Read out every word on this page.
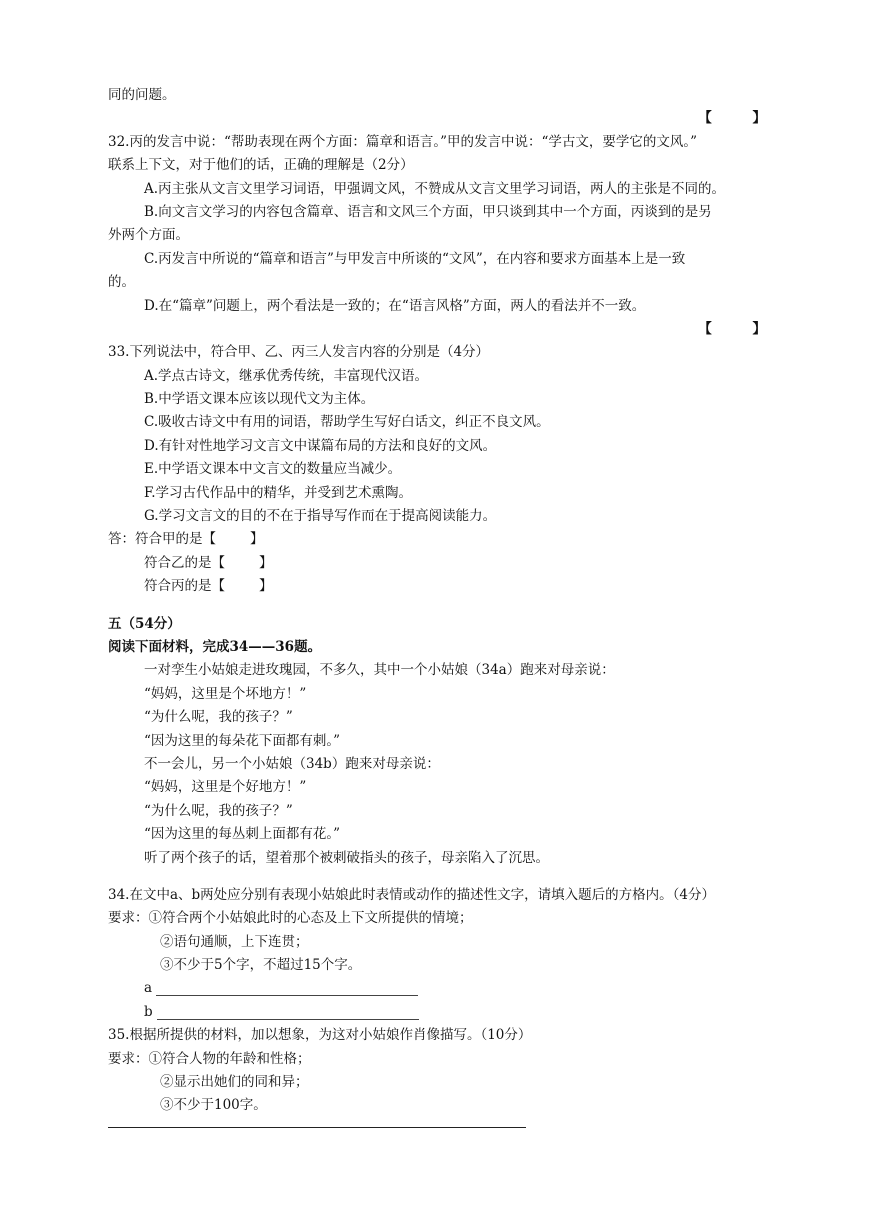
同的问题。
【 】
32.丙的发言中说：“帮助表现在两个方面：篇章和语言。”甲的发言中说：“学古文，要学它的文风。”
联系上下文，对于他们的话，正确的理解是（2分）
A.丙主张从文言文里学习词语，甲强调文风，不赞成从文言文里学习词语，两人的主张是不同的。
B.向文言文学习的内容包含篇章、语言和文风三个方面，甲只谈到其中一个方面，丙谈到的是另
外两个方面。
C.丙发言中所说的“篇章和语言”与甲发言中所谈的“文风”，在内容和要求方面基本上是一致
的。
D.在“篇章”问题上，两个看法是一致的；在“语言风格”方面，两人的看法并不一致。
【 】
33.下列说法中，符合甲、乙、丙三人发言内容的分别是（4分）
A.学点古诗文，继承优秀传统，丰富现代汉语。
B.中学语文课本应该以现代文为主体。
C.吸收古诗文中有用的词语，帮助学生写好白话文，纠正不良文风。
D.有针对性地学习文言文中谋篇布局的方法和良好的文风。
E.中学语文课本中文言文的数量应当减少。
F.学习古代作品中的精华，并受到艺术熏陶。
G.学习文言文的目的不在于指导写作而在于提高阅读能力。
答：符合甲的是【	】
符合乙的是【	】
符合丙的是【	】
五（54分）
阅读下面材料，完成34——36题。
一对孪生小姑娘走进玫瑰园，不多久，其中一个小姑娘（34a）跑来对母亲说：
“妈妈，这里是个坏地方！”
“为什么呢，我的孩子？”
“因为这里的每朵花下面都有刺。”
不一会儿，另一个小姑娘（34b）跑来对母亲说：
“妈妈，这里是个好地方！”
“为什么呢，我的孩子？”
“因为这里的每丛刺上面都有花。”
听了两个孩子的话，望着那个被刺破指头的孩子，母亲陷入了沉思。
34.在文中a、b两处应分别有表现小姑娘此时表情或动作的描述性文字，请填入题后的方格内。（4分）
要求：①符合两个小姑娘此时的心态及上下文所提供的情境；
②语句通顺，上下连贯；
③不少于5个字，不超过15个字。
a
b
35.根据所提供的材料，加以想象，为这对小姑娘作肖像描写。（10分）
要求：①符合人物的年龄和性格；
②显示出她们的同和异；
③不少于100字。
